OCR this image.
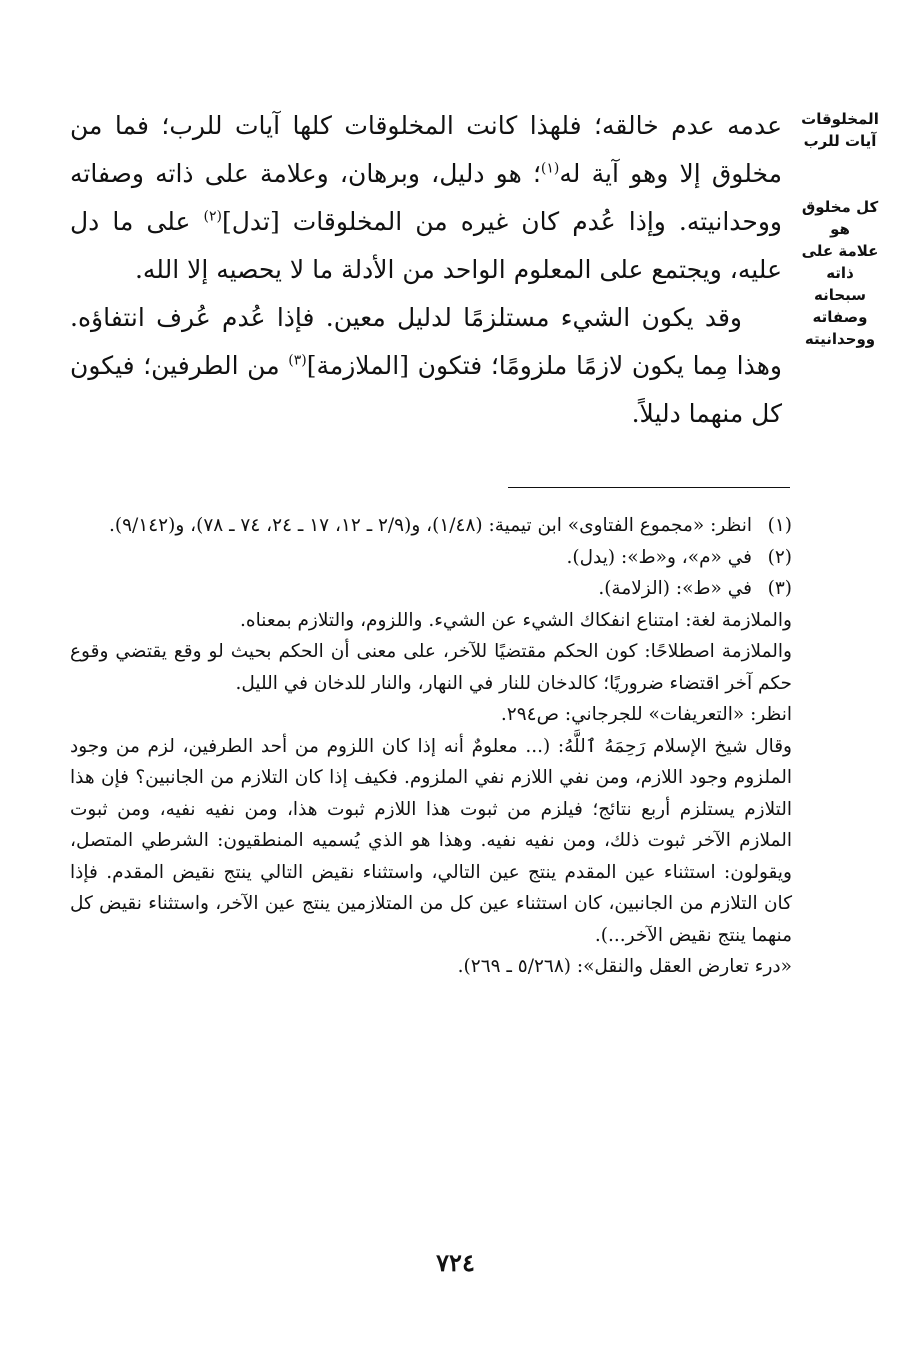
المخلوقات
آيات للرب
كل مخلوق هو
علامة على ذاته
سبحانه وصفاته
ووحدانيته

عدمه عدم خالقه؛ فلهذا كانت المخلوقات كلها آيات للرب؛ فما من مخلوق إلا وهو آية له$^{(١)}$؛ هو دليل، وبرهان، وعلامة على ذاته وصفاته ووحدانيته. وإذا عُدم كان غيره من المخلوقات [تدل]$^{(٢)}$ على ما دل عليه، ويجتمع على المعلوم الواحد من الأدلة ما لا يحصيه إلا الله.

وقد يكون الشيء مستلزمًا لدليل معين. فإذا عُدم عُرف انتفاؤه. وهذا مِما يكون لازمًا ملزومًا؛ فتكون [الملازمة]$^{(٣)}$ من الطرفين؛ فيكون كل منهما دليلاً.

(١)
انظر: «مجموع الفتاوى» ابن تيمية: (١/٤٨)، و(٢/٩ ـ ١٢، ١٧ ـ ٢٤، ٧٤ ـ ٧٨)، و(٩/١٤٢).
(٢)
في «م»، و«ط»: (يدل).
(٣)
في «ط»: (الزلامة).

والملازمة لغة: امتناع انفكاك الشيء عن الشيء. واللزوم، والتلازم بمعناه.

والملازمة اصطلاحًا: كون الحكم مقتضيًا للآخر، على معنى أن الحكم بحيث لو وقع يقتضي وقوع حكم آخر اقتضاء ضروريًا؛ كالدخان للنار في النهار، والنار للدخان في الليل.

انظر: «التعريفات» للجرجاني: ص٢٩٤.

وقال شيخ الإسلام رَحِمَهُ ٱللَّهُ: (... معلومٌ أنه إذا كان اللزوم من أحد الطرفين، لزم من وجود الملزوم وجود اللازم، ومن نفي اللازم نفي الملزوم. فكيف إذا كان التلازم من الجانبين؟ فإن هذا التلازم يستلزم أربع نتائج؛ فيلزم من ثبوت هذا اللازم ثبوت هذا، ومن نفيه نفيه، ومن ثبوت الملازم الآخر ثبوت ذلك، ومن نفيه نفيه. وهذا هو الذي يُسميه المنطقيون: الشرطي المتصل، ويقولون: استثناء عين المقدم ينتج عين التالي، واستثناء نقيض التالي ينتج نقيض المقدم. فإذا كان التلازم من الجانبين، كان استثناء عين كل من المتلازمين ينتج عين الآخر، واستثناء نقيض كل منهما ينتج نقيض الآخر...).

«درء تعارض العقل والنقل»: (٥/٢٦٨ ـ ٢٦٩).

٧٢٤
